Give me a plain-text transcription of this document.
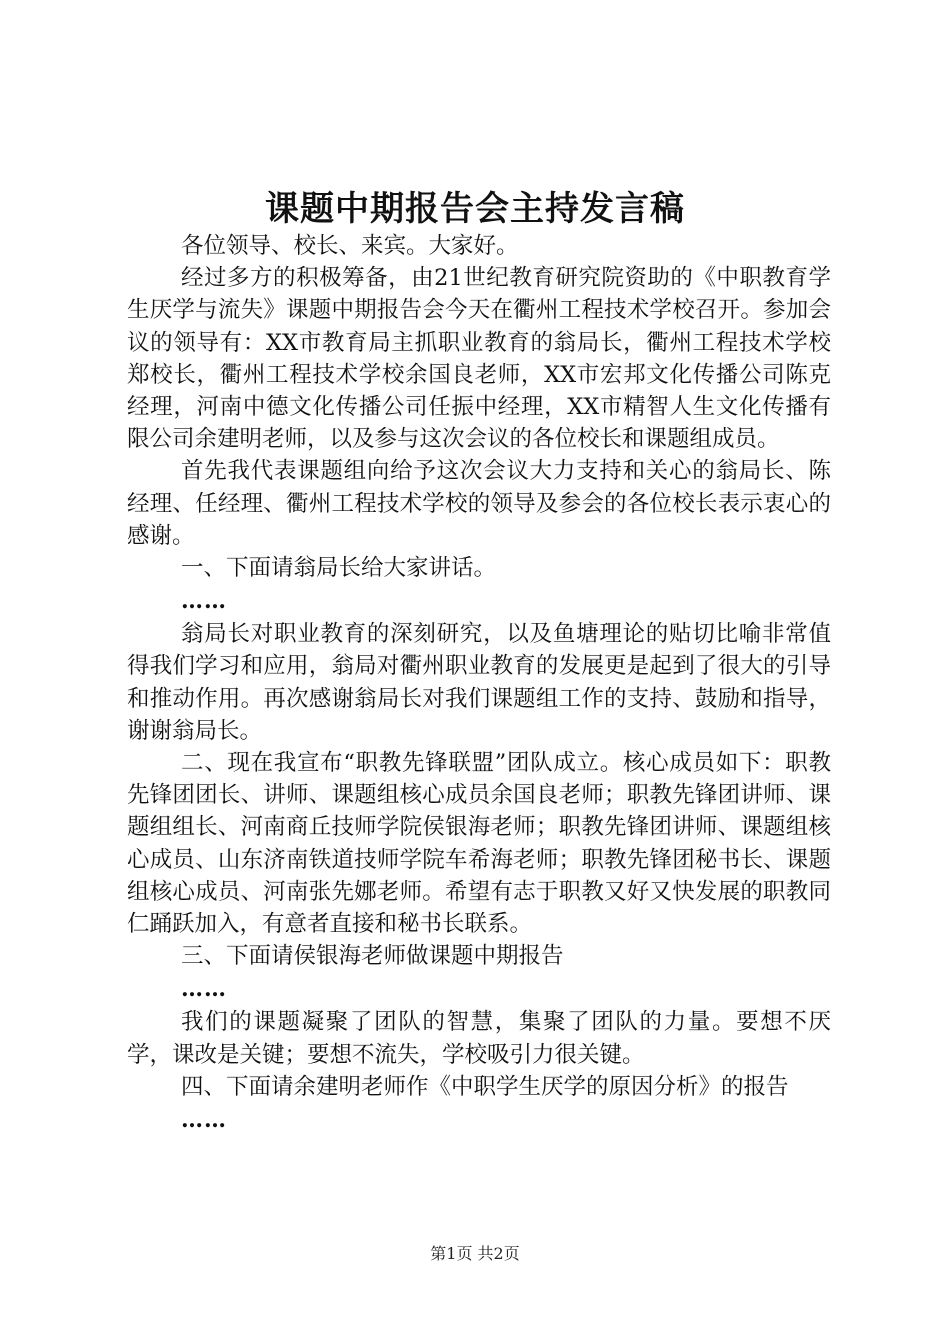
课题中期报告会主持发言稿

各位领导、校长、来宾。大家好。

经过多方的积极筹备，由21世纪教育研究院资助的《中职教育学生厌学与流失》课题中期报告会今天在衢州工程技术学校召开。参加会议的领导有：XX市教育局主抓职业教育的翁局长，衢州工程技术学校郑校长，衢州工程技术学校余国良老师，XX市宏邦文化传播公司陈克经理，河南中德文化传播公司任振中经理，XX市精智人生文化传播有限公司余建明老师，以及参与这次会议的各位校长和课题组成员。

首先我代表课题组向给予这次会议大力支持和关心的翁局长、陈经理、任经理、衢州工程技术学校的领导及参会的各位校长表示衷心的感谢。

一、下面请翁局长给大家讲话。

……

翁局长对职业教育的深刻研究，以及鱼塘理论的贴切比喻非常值得我们学习和应用，翁局对衢州职业教育的发展更是起到了很大的引导和推动作用。再次感谢翁局长对我们课题组工作的支持、鼓励和指导，谢谢翁局长。

二、现在我宣布“职教先锋联盟”团队成立。核心成员如下：职教先锋团团长、讲师、课题组核心成员余国良老师；职教先锋团讲师、课题组组长、河南商丘技师学院侯银海老师；职教先锋团讲师、课题组核心成员、山东济南铁道技师学院车希海老师；职教先锋团秘书长、课题组核心成员、河南张先娜老师。希望有志于职教又好又快发展的职教同仁踊跃加入，有意者直接和秘书长联系。

三、下面请侯银海老师做课题中期报告

……

我们的课题凝聚了团队的智慧，集聚了团队的力量。要想不厌学，课改是关键；要想不流失，学校吸引力很关键。

四、下面请余建明老师作《中职学生厌学的原因分析》的报告

……

第1页 共2页
